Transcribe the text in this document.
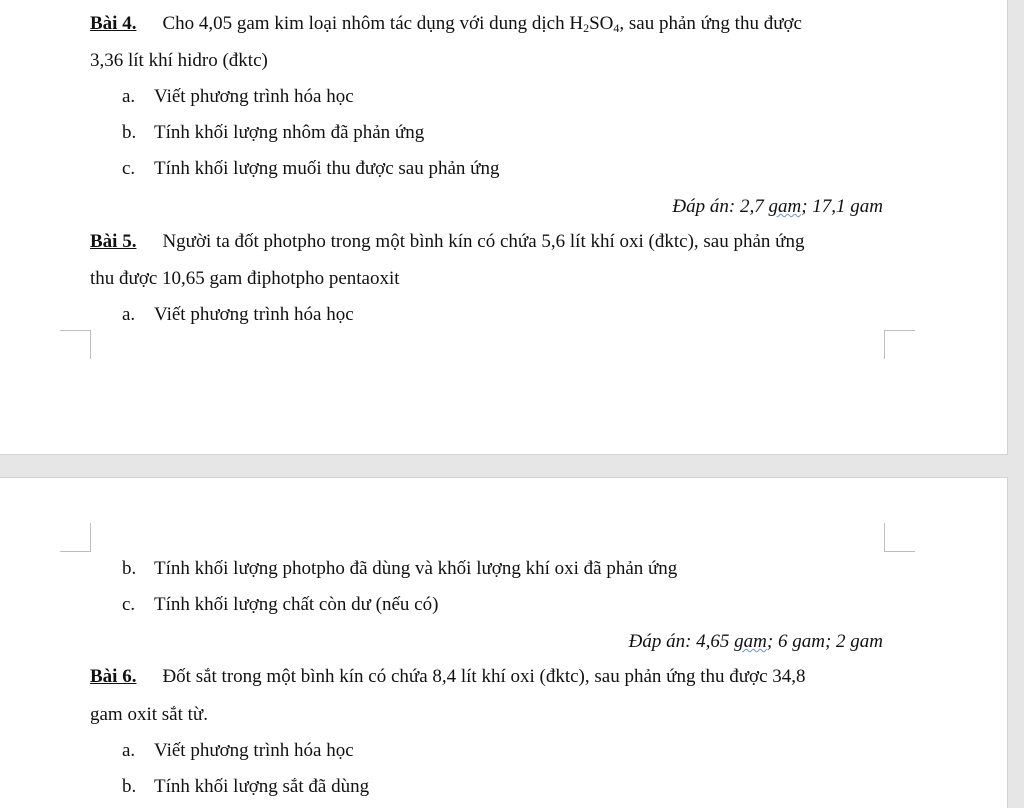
Bài 4. Cho 4,05 gam kim loại nhôm tác dụng với dung dịch $H_2SO_4$, sau phản ứng thu được
3,36 lít khí hidro (đktc)
a. Viết phương trình hóa học
b. Tính khối lượng nhôm đã phản ứng
c. Tính khối lượng muối thu được sau phản ứng
Đáp án: 2,7 gam; 17,1 gam
Bài 5. Người ta đốt photpho trong một bình kín có chứa 5,6 lít khí oxi (đktc), sau phản ứng
thu được 10,65 gam điphotpho pentaoxit
a. Viết phương trình hóa học
b. Tính khối lượng photpho đã dùng và khối lượng khí oxi đã phản ứng
c. Tính khối lượng chất còn dư (nếu có)
Đáp án: 4,65 gam; 6 gam; 2 gam
Bài 6. Đốt sắt trong một bình kín có chứa 8,4 lít khí oxi (đktc), sau phản ứng thu được 34,8
gam oxit sắt từ.
a. Viết phương trình hóa học
b. Tính khối lượng sắt đã dùng
